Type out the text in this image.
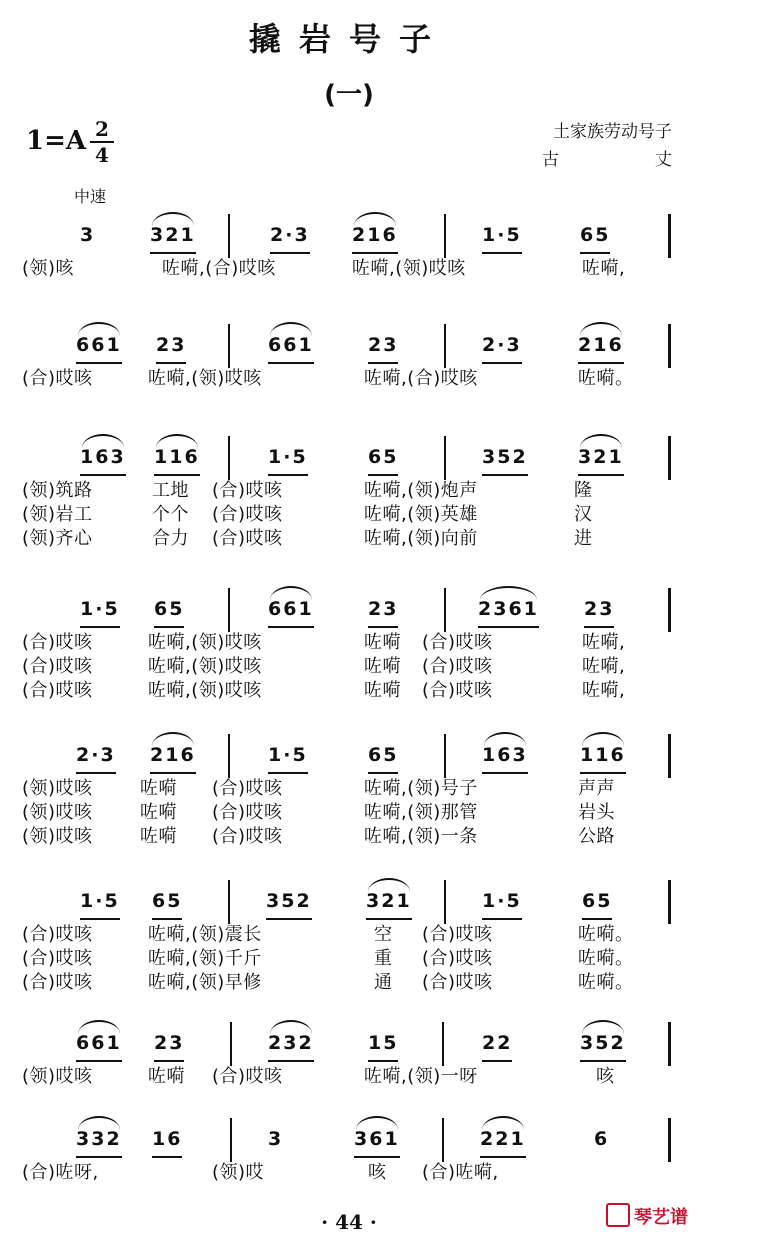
撬岩号子
(一)
1=A 2
4
土家族劳动号子
古丈
中速
3	321	2·3 216	1·5	65
(领)咳	咗嗬,(合)哎咳	咗嗬,(领)哎咳	咗嗬,
661 23	661	23	2·3	216
(合)哎咳	咗嗬,(领)哎咳	咗嗬,(合)哎咳	咗嗬。
163 116	1·5	65	352	321
(领)筑路	工地 (合)哎咳	咗嗬,(领)炮声	隆
(领)岩工	个个 (合)哎咳	咗嗬,(领)英雄	汉
(领)齐心	合力 (合)哎咳	咗嗬,(领)向前	进
1·5 65	661	23	2361 23
(合)哎咳	咗嗬,(领)哎咳	咗嗬 (合)哎咳	咗嗬,
(合)哎咳	咗嗬,(领)哎咳	咗嗬 (合)哎咳	咗嗬,
(合)哎咳	咗嗬,(领)哎咳	咗嗬 (合)哎咳	咗嗬,
2·3 216	1·5	65	163	116
(领)哎咳	咗嗬 (合)哎咳	咗嗬,(领)号子	声声
(领)哎咳	咗嗬 (合)哎咳	咗嗬,(领)那管	岩头
(领)哎咳	咗嗬 (合)哎咳	咗嗬,(领)一条	公路
1·5 65	352	321	1·5	65
(合)哎咳	咗嗬,(领)震长	空 (合)哎咳	咗嗬。
(合)哎咳	咗嗬,(领)千斤	重 (合)哎咳	咗嗬。
(合)哎咳	咗嗬,(领)早修	通 (合)哎咳	咗嗬。
661 23	232	15	22	352
(领)哎咳	咗嗬 (合)哎咳	咗嗬,(领)一呀	咳
332 16	3	361	221	6
(合)咗呀,	(领)哎	咳 (合)咗嗬,
· 44 ·	琴艺谱
